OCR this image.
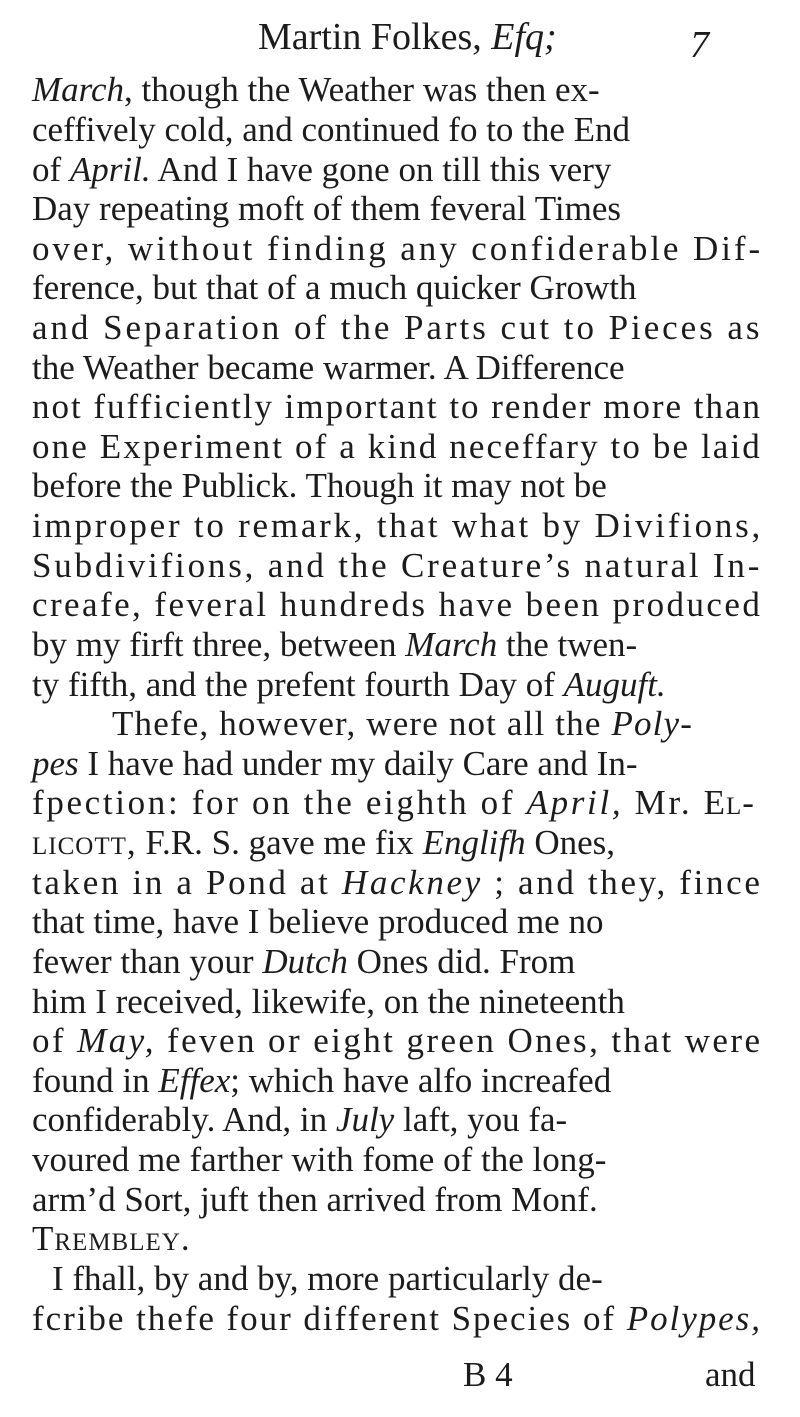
Martin Folkes, Efq;	7
March, though the Weather was then ex-
ceffively cold, and continued fo to the End
of April. And I have gone on till this very
Day repeating moft of them feveral Times
over, without finding any confiderable Dif-
ference, but that of a much quicker Growth
and Separation of the Parts cut to Pieces as
the Weather became warmer. A Difference
not fufficiently important to render more than
one Experiment of a kind neceffary to be laid
before the Publick. Though it may not be
improper to remark, that what by Divifions,
Subdivifions, and the Creature’s natural In-
creafe, feveral hundreds have been produced
by my firft three, between March the twen-
ty fifth, and the prefent fourth Day of Auguft.
Thefe, however, were not all the Poly-
pes I have had under my daily Care and In-
fpection: for on the eighth of April, Mr. El-
licott, F.R. S. gave me fix Englifh Ones,
taken in a Pond at Hackney ; and they, fince
that time, have I believe produced me no
fewer than your Dutch Ones did. From
him I received, likewife, on the nineteenth
of May, feven or eight green Ones, that were
found in Effex; which have alfo increafed
confiderably. And, in July laft, you fa-
voured me farther with fome of the long-
arm’d Sort, juft then arrived from Monf.
Trembley.
I fhall, by and by, more particularly de-
fcribe thefe four different Species of Polypes,
B 4	and
